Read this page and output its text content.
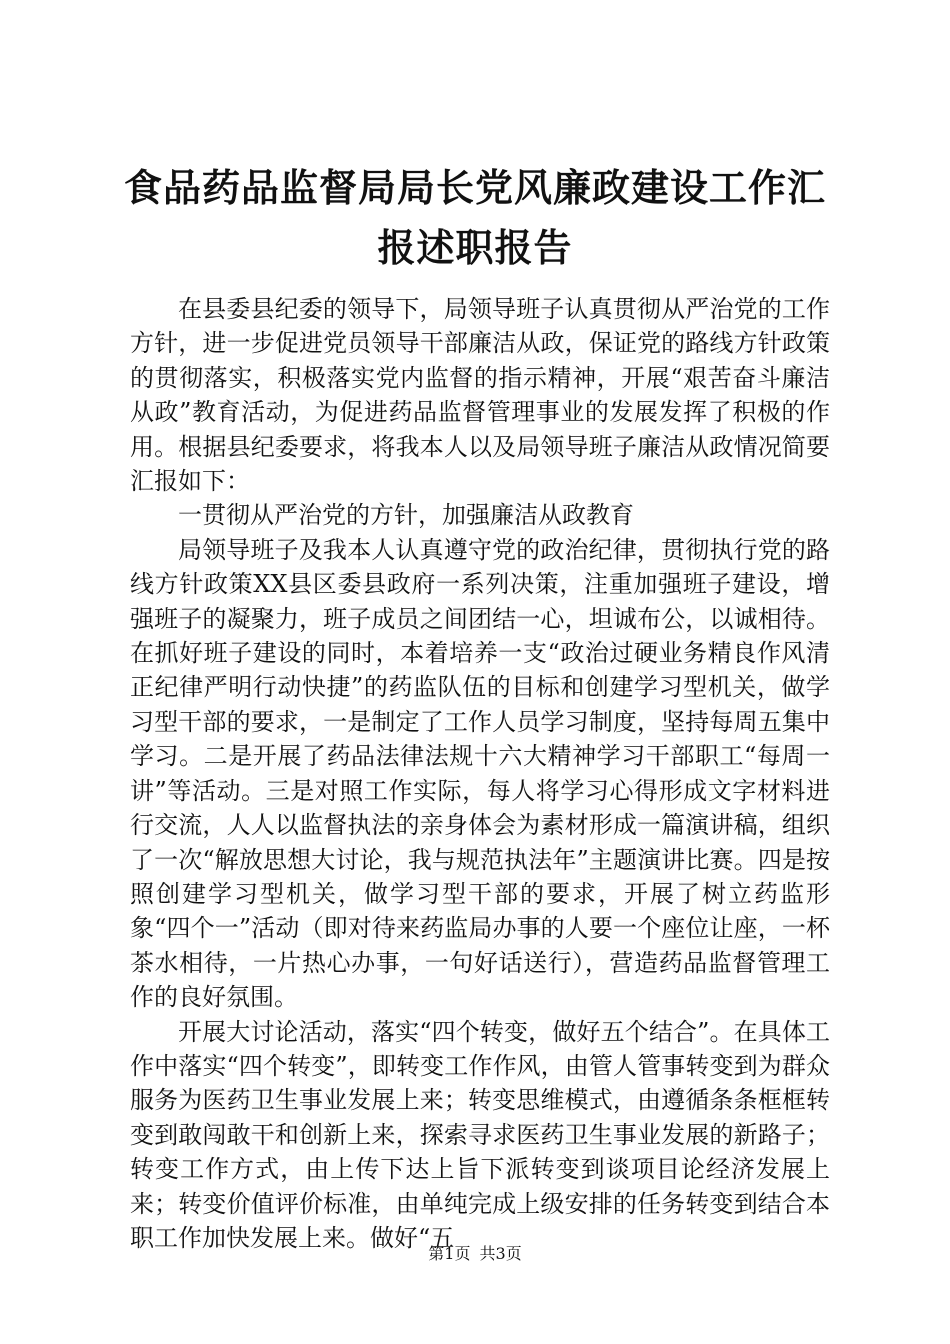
食品药品监督局局长党风廉政建设工作汇报述职报告

在县委县纪委的领导下，局领导班子认真贯彻从严治党的工作方针，进一步促进党员领导干部廉洁从政，保证党的路线方针政策的贯彻落实，积极落实党内监督的指示精神，开展“艰苦奋斗廉洁从政”教育活动，为促进药品监督管理事业的发展发挥了积极的作用。根据县纪委要求，将我本人以及局领导班子廉洁从政情况简要汇报如下：

一贯彻从严治党的方针，加强廉洁从政教育

局领导班子及我本人认真遵守党的政治纪律，贯彻执行党的路线方针政策XX县区委县政府一系列决策，注重加强班子建设，增强班子的凝聚力，班子成员之间团结一心，坦诚布公，以诚相待。在抓好班子建设的同时，本着培养一支“政治过硬业务精良作风清正纪律严明行动快捷”的药监队伍的目标和创建学习型机关，做学习型干部的要求，一是制定了工作人员学习制度，坚持每周五集中学习。二是开展了药品法律法规十六大精神学习干部职工“每周一讲”等活动。三是对照工作实际，每人将学习心得形成文字材料进行交流，人人以监督执法的亲身体会为素材形成一篇演讲稿，组织了一次“解放思想大讨论，我与规范执法年”主题演讲比赛。四是按照创建学习型机关，做学习型干部的要求，开展了树立药监形象“四个一”活动（即对待来药监局办事的人要一个座位让座，一杯茶水相待，一片热心办事，一句好话送行），营造药品监督管理工作的良好氛围。

开展大讨论活动，落实“四个转变，做好五个结合”。在具体工作中落实“四个转变”，即转变工作作风，由管人管事转变到为群众服务为医药卫生事业发展上来；转变思维模式，由遵循条条框框转变到敢闯敢干和创新上来，探索寻求医药卫生事业发展的新路子；转变工作方式，由上传下达上旨下派转变到谈项目论经济发展上来；转变价值评价标准，由单纯完成上级安排的任务转变到结合本职工作加快发展上来。做好“五

第1页 共3页
